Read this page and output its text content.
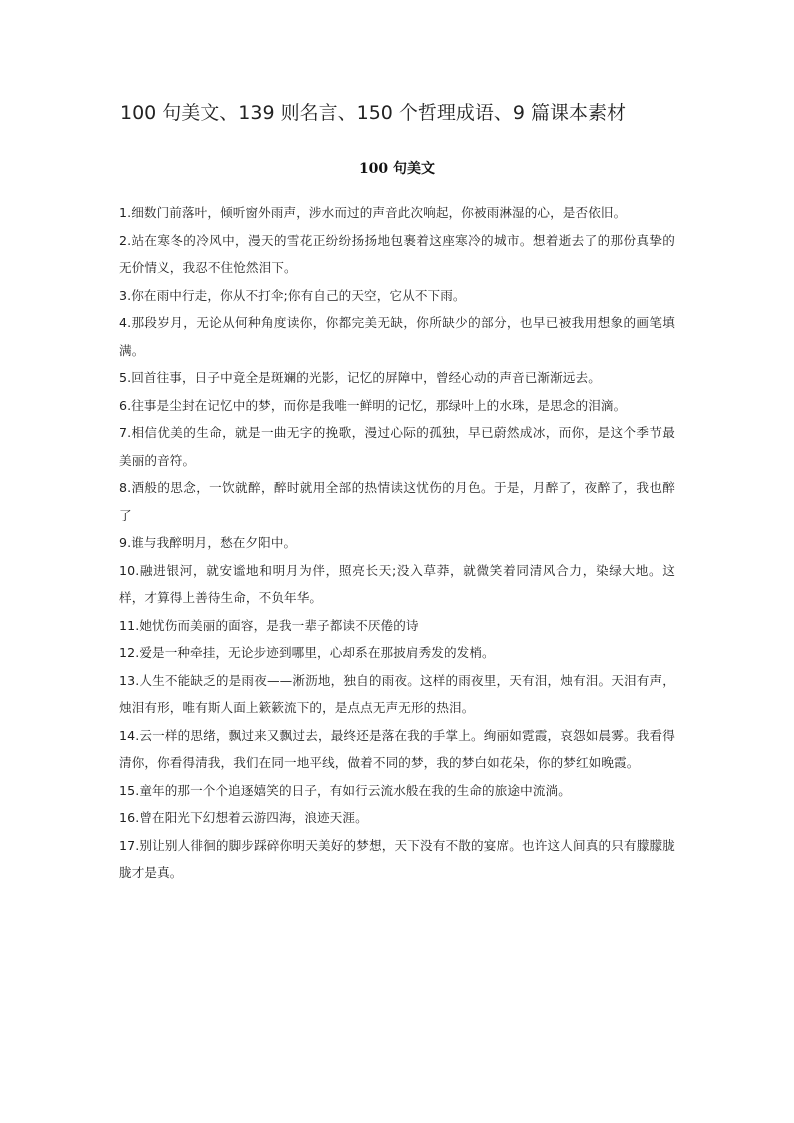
100 句美文、139 则名言、150 个哲理成语、9 篇课本素材
100 句美文
1.细数门前落叶，倾听窗外雨声，涉水而过的声音此次响起，你被雨淋湿的心，是否依旧。
2.站在寒冬的冷风中，漫天的雪花正纷纷扬扬地包裹着这座寒冷的城市。想着逝去了的那份真挚的无价情义，我忍不住怆然泪下。
3.你在雨中行走，你从不打伞;你有自己的天空，它从不下雨。
4.那段岁月，无论从何种角度读你，你都完美无缺，你所缺少的部分，也早已被我用想象的画笔填满。
5.回首往事，日子中竟全是斑斓的光影，记忆的屏障中，曾经心动的声音已渐渐远去。
6.往事是尘封在记忆中的梦，而你是我唯一鲜明的记忆，那绿叶上的水珠，是思念的泪滴。
7.相信优美的生命，就是一曲无字的挽歌，漫过心际的孤独，早已蔚然成冰，而你，是这个季节最美丽的音符。
8.酒般的思念，一饮就醉，醉时就用全部的热情读这忧伤的月色。于是，月醉了，夜醉了，我也醉了
9.谁与我醉明月，愁在夕阳中。
10.融进银河，就安谧地和明月为伴，照亮长天;没入草莽，就微笑着同清风合力，染绿大地。这样，才算得上善待生命，不负年华。
11.她忧伤而美丽的面容，是我一辈子都读不厌倦的诗
12.爱是一种牵挂，无论步迹到哪里，心却系在那披肩秀发的发梢。
13.人生不能缺乏的是雨夜——淅沥地，独自的雨夜。这样的雨夜里，天有泪，烛有泪。天泪有声，烛泪有形，唯有斯人面上簌簌流下的，是点点无声无形的热泪。
14.云一样的思绪，飘过来又飘过去，最终还是落在我的手掌上。绚丽如霓霞，哀怨如晨雾。我看得清你，你看得清我，我们在同一地平线，做着不同的梦，我的梦白如花朵，你的梦红如晚霞。
15.童年的那一个个追逐嬉笑的日子，有如行云流水般在我的生命的旅途中流淌。
16.曾在阳光下幻想着云游四海，浪迹天涯。
17.别让别人徘徊的脚步踩碎你明天美好的梦想，天下没有不散的宴席。也许这人间真的只有朦朦胧胧才是真。
